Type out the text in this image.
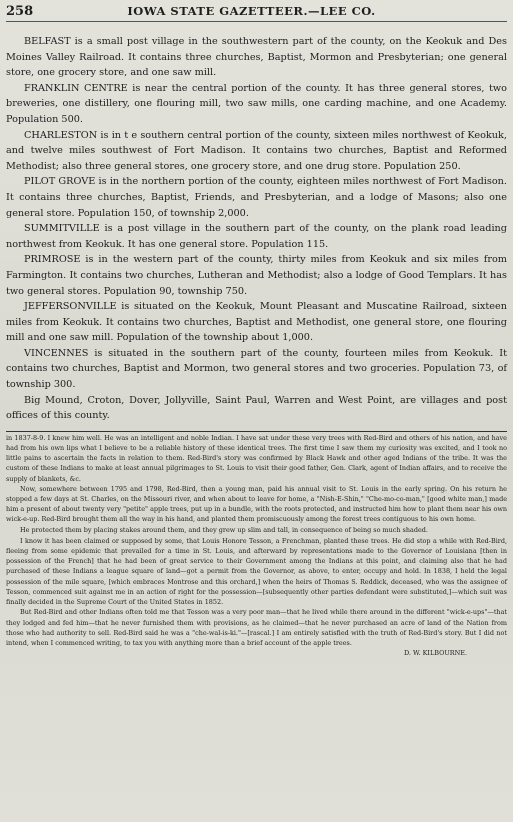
258	IOWA STATE GAZETTEER.—LEE CO.

BELFAST is a small post village in the southwestern part of the county, on the Keokuk and Des Moines Valley Railroad. It contains three churches, Baptist, Mormon and Presbyterian; one general store, one grocery store, and one saw mill.

FRANKLIN CENTRE is near the central portion of the county. It has three general stores, two breweries, one distillery, one flouring mill, two saw mills, one carding machine, and one Academy. Population 500.

CHARLESTON is in t e southern central portion of the county, sixteen miles northwest of Keokuk, and twelve miles southwest of Fort Madison. It contains two churches, Baptist and Reformed Methodist; also three general stores, one grocery store, and one drug store. Population 250.

PILOT GROVE is in the northern portion of the county, eighteen miles northwest of Fort Madison. It contains three churches, Baptist, Friends, and Presbyterian, and a lodge of Masons; also one general store. Population 150, of township 2,000.

SUMMITVILLE is a post village in the southern part of the county, on the plank road leading northwest from Keokuk. It has one general store. Population 115.

PRIMROSE is in the western part of the county, thirty miles from Keokuk and six miles from Farmington. It contains two churches, Lutheran and Methodist; also a lodge of Good Templars. It has two general stores. Population 90, township 750.

JEFFERSONVILLE is situated on the Keokuk, Mount Pleasant and Muscatine Railroad, sixteen miles from Keokuk. It contains two churches, Baptist and Methodist, one general store, one flouring mill and one saw mill. Population of the township about 1,000.

VINCENNES is situated in the southern part of the county, fourteen miles from Keokuk. It contains two churches, Baptist and Mormon, two general stores and two groceries. Population 73, of township 300.

Big Mound, Croton, Dover, Jollyville, Saint Paul, Warren and West Point, are villages and post offices of this county.

in 1837-8-9. I knew him well. He was an intelligent and noble Indian. I have sat under these very trees with Red-Bird and others of his nation, and have had from his own lips what I believe to be a reliable history of these identical trees. The first time I saw them my curiosity was excited, and I took no little pains to ascertain the facts in relation to them. Red-Bird's story was confirmed by Black Hawk and other aged Indians of the tribe. It was the custom of these Indians to make at least annual pilgrimages to St. Louis to visit their good father, Gen. Clark, agent of Indian affairs, and to receive the supply of blankets, &c.

Now, somewhere between 1795 and 1798, Red-Bird, then a young man, paid his annual visit to St. Louis in the early spring. On his return he stopped a few days at St. Charles, on the Missouri river, and when about to leave for home, a "Nish-E-Shin," "Che-mo-co-man," [good white man,] made him a present of about twenty very "petite" apple trees, put up in a bundle, with the roots protected, and instructed him how to plant them near his own wick-e-up. Red-Bird brought them all the way in his hand, and planted them promiscuously among the forest trees contiguous to his own home.

He protected them by placing stakes around them, and they grew up slim and tall, in consequence of being so much shaded.

I know it has been claimed or supposed by some, that Louis Honore Tesson, a Frenchman, planted these trees. He did stop a while with Red-Bird, fleeing from some epidemic that prevailed for a time in St. Louis, and afterward by representations made to the Governor of Louisiana [then in possession of the French] that he had been of great service to their Government among the Indians at this point, and claiming also that he had purchased of these Indians a league square of land—got a permit from the Governor, as above, to enter, occupy and hold. In 1838, I held the legal possession of the mile square, [which embraces Montrose and this orchard,] when the heirs of Thomas S. Reddick, deceased, who was the assignee of Tesson, commenced suit against me in an action of right for the possession—[subsequently other parties defendant were substituted,]—which suit was finally decided in the Supreme Court of the United States in 1852.

But Red-Bird and other Indians often told me that Tesson was a very poor man—that he lived while there around in the different "wick-e-ups"—that they lodged and fed him—that he never furnished them with provisions, as he claimed—that he never purchased an acre of land of the Nation from those who had authority to sell. Red-Bird said he was a "che-wal-is-ki."—[rascal.] I am entirely satisfied with the truth of Red-Bird's story. But I did not intend, when I commenced writing, to tax you with anything more than a brief account of the apple trees.

D. W. KILBOURNE.
